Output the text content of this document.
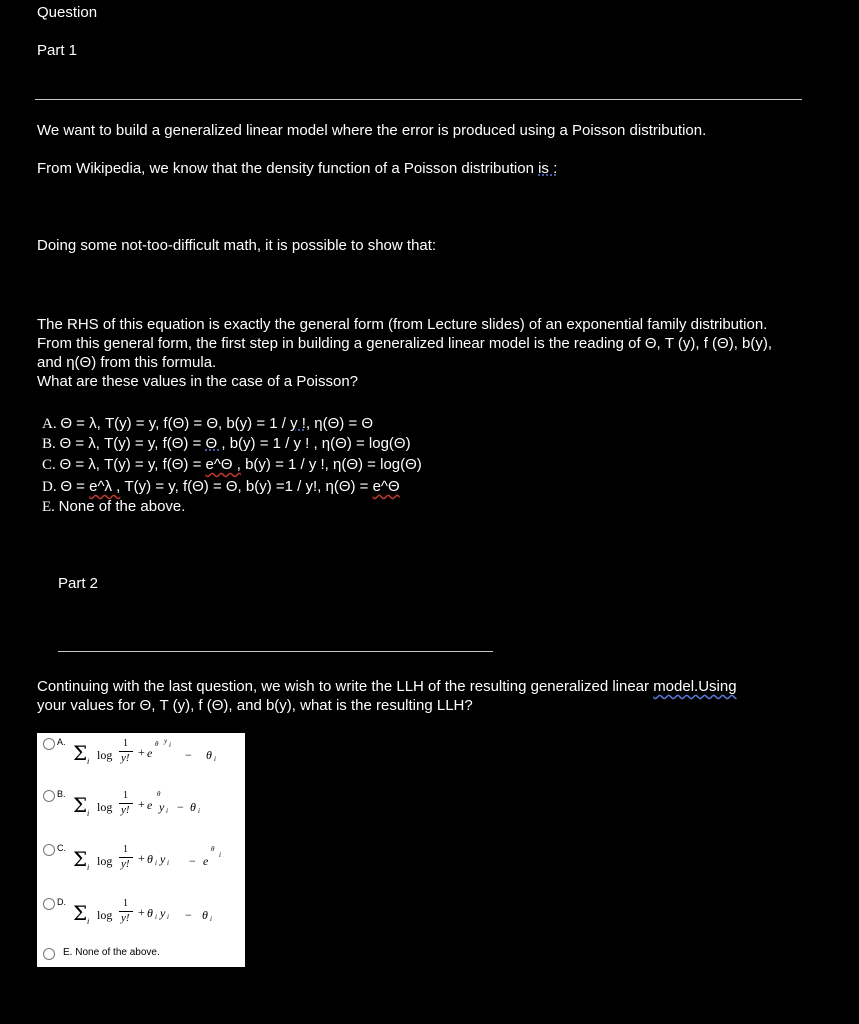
Question
Part 1
We want to build a generalized linear model where the error is produced using a Poisson distribution.
From Wikipedia, we know that the density function of a Poisson distribution is :
Doing some not-too-difficult math, it is possible to show that:
The RHS of this equation is exactly the general form (from Lecture slides) of an exponential family distribution. From this general form, the first step in building a generalized linear model is the reading of Θ, T (y), f (Θ), b(y), and η(Θ) from this formula.
What are these values in the case of a Poisson?
A. Θ = λ, T(y) = y, f(Θ) = Θ, b(y) = 1 / y !, η(Θ) = Θ
B. Θ = λ, T(y) = y, f(Θ) = Θ , b(y) = 1 / y ! , η(Θ) = log(Θ)
C. Θ = λ, T(y) = y, f(Θ) = e^Θ , b(y) = 1 / y !, η(Θ) = log(Θ)
D. Θ = e^λ , T(y) = y, f(Θ) = Θ, b(y) =1 / y!, η(Θ) = e^Θ
E. None of the above.
Part 2
Continuing with the last question, we wish to write the LLH of the resulting generalized linear model.Using
your values for Θ, T (y), f (Θ), and b(y), what is the resulting LLH?
A. Σ i log
1
y! + e
θ y i
− θ i
B. Σ i log
1
y! + e
θ
y i − θ i
C. Σ i log
1
y! + θ i y i − e
θ
i
D. Σ i log
1
y! + θ i y i − θ i
E. None of the above.
